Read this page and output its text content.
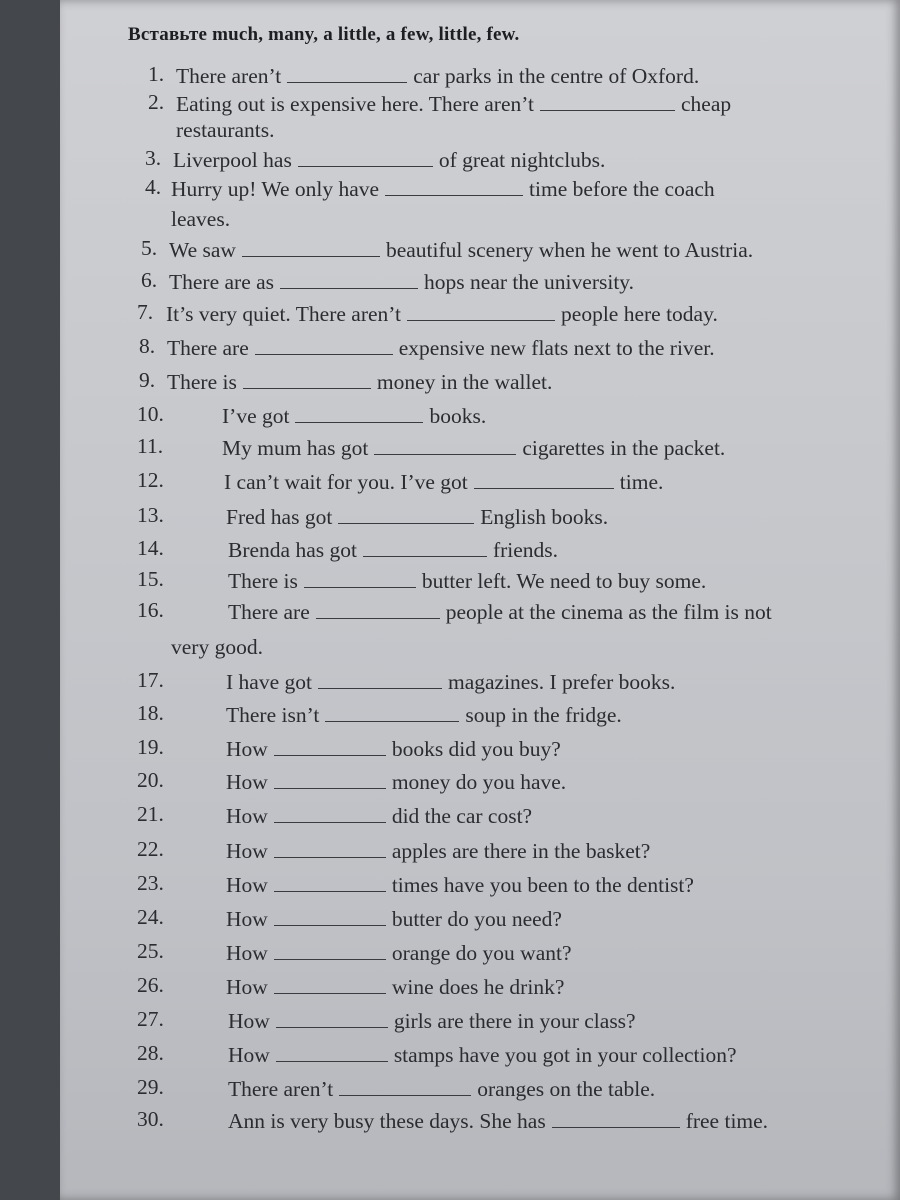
Вставьте much, many, a little, a few, little, few.
1. There aren’t	car parks in the centre of Oxford.
2. Eating out is expensive here. There aren’t	cheap
restaurants.
3. Liverpool has	of great nightclubs.
4. Hurry up! We only have	time before the coach
leaves.
5. We saw	beautiful scenery when he went to Austria.
6. There are as	hops near the university.
7. It’s very quiet. There aren’t	people here today.
8. There are	expensive new flats next to the river.
9. There is	money in the wallet.
10.	I’ve got	books.
11.	My mum has got	cigarettes in the packet.
12.	I can’t wait for you. I’ve got	time.
13.	Fred has got	English books.
14.	Brenda has got	friends.
15.	There is	butter left. We need to buy some.
16.	There are	people at the cinema as the film is not
very good.
17.	I have got	magazines. I prefer books.
18.	There isn’t	soup in the fridge.
19.	How	books did you buy?
20.	How	money do you have.
21.	How	did the car cost?
22.	How	apples are there in the basket?
23.	How	times have you been to the dentist?
24.	How	butter do you need?
25.	How	orange do you want?
26.	How	wine does he drink?
27.	How	girls are there in your class?
28.	How	stamps have you got in your collection?
29.	There aren’t	oranges on the table.
30.	Ann is very busy these days. She has	free time.
